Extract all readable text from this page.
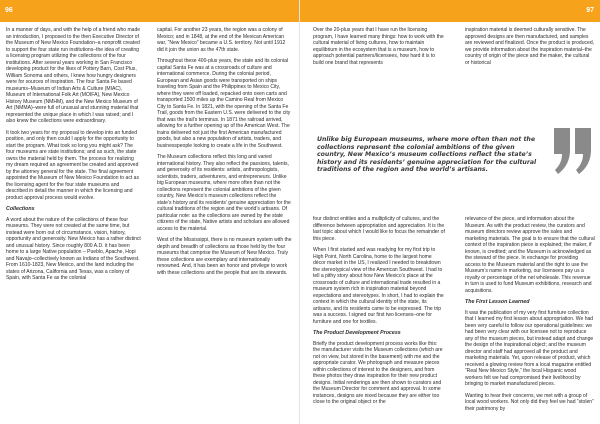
96

In a manner of days, and with the help of a friend who made an introduction, I proposed to the then Executive Director of the Museum of New Mexico Foundation–a nonprofit created to support the four state run institutions–the idea of creating a licensing program utilizing the collections of the four institutions. After several years working in San Francisco developing product for the likes of Pottery Barn, Cost Plus, William Sonoma and others, I knew how hungry designers were for sources of inspiration. The four Santa Fe based museums–Museum of Indian Arts & Culture (MIAC), Museum of International Folk Art (MOIFA), New Mexico History Museum (NMHM), and the New Mexico Museum of Art (NMMA)–were full of unusual and stunning material that represented the unique place in which I was raised; and I also knew the collections were extraordinary.

It took two years for my proposal to develop into an funded position, and only then could I apply for the opportunity to start the program. What took so long you might ask? The four museums are state institutions; and as such, the state owns the material held by them. The process for realizing my dream required an agreement be created and approved by the attorney general for the state. The final agreement appointed the Museum of New Mexico Foundation to act as the licensing agent for the four state museums and described in detail the manner in which the licensing and product approval process would evolve.

Collections

A word about the nature of the collections of these four museums. They were not created at the same time, but instead were born out of circumstance, vision, history, opportunity and generosity. New Mexico has a rather distinct and unusual history. Since roughly 800 A.D. it has been home to a large Native population – Pueblo, Apache, Hopi and Navajo–collectively known as Indians of the Southwest. From 1610-1823, New Mexico, and the land including the states of Arizona, California and Texas, was a colony of Spain, with Santa Fe as the colonial

capital. For another 23 years, the region was a colony of Mexico; and in 1848, at the end of the Mexican American war, “New Mexico” became a U.S. territory. Not until 1912 did it join the union as the 47th state.

Throughout these 400-plus years, the state and its colonial capital Santa Fe was at a crossroads of culture and international commerce. During the colonial period, European and Asian goods were transported on ships traveling from Spain and the Philippines to Mexico City, where they were off loaded, repacked onto oxen carts and transported 1500 miles up the Camino Real from Mexico City to Santa Fe. In 1821, with the opening of the Santa Fe Trail, goods from the Eastern U.S. were delivered to the city that was the trail’s terminus. In 1871 the railroad arrived, allowing for a further opening up of the American West. The trains delivered not just the first American manufactured goods, but also a new population of artists, traders, and businesspeople looking to create a life in the Southwest.

The Museum collections reflect this long and varied international history. They also reflect the passions, talents, and generosity of its residents: artists, anthropologists, scientists, traders, adventurers, and entrepreneurs. Unlike big European museums, where more often than not the collections represent the colonial ambitions of the given country, New Mexico’s museum collections reflect the state’s history and its residents’ genuine appreciation for the cultural traditions of the region and the world’s artisans. Of particular note: as the collections are owned by the state citizens of the state, Native artists and scholars are allowed access to the material.

West of the Mississippi, there is no museum system with the depth and breadth of collections as those held by the four museums that comprise the Museum of New Mexico. Truly these collections are exemplary and internationally renowned. And, it has been an honor and privilege to work with these collections and the people that are its stewards.

97

Over the 20-plus years that I have run the licensing program, I have learned many things: how to work with the cultural material of living cultures, how to maintain equilibrium in the ecosystem that is a museum, how to approach potential partners/licensees, how hard it is to build one brand that represents

inspiration material is deemed culturally sensitive. The approved designs are then manufactured, and samples are reviewed and finalized. Once the product is produced, we provide information about the inspiration material–the country of origin of the piece and the maker, the cultural or historical

Unlike big European museums, where more often than not the collections represent the colonial ambitions of the given country, New Mexico’s museum collections reflect the state’s history and its residents’ genuine appreciation for the cultural traditions of the region and the world’s artisans.

four distinct entities and a multiplicity of cultures, and the difference between appropriation and appreciation. It is the last topic about which I would like to focus the remainder of this piece.

When I first started and was readying for my first trip to High Point, North Carolina, home to the largest home décor market in the US, I realized I needed to breakdown the stereotypical view of the American Southwest. I had to tell a pithy story about how New Mexico’s place at the crossroads of culture and international trade resulted in a museum system rich in inspiration material beyond expectations and stereotypes. In short, I had to explain the context in which the cultural identity of the state, its artisans, and its residents came to be expressed. The trip was a success. I signed our first two licenses–one for furniture and one for textiles.

The Product Development Process

Briefly the product development process works like this: the manufacturer visits the Museum collections (which are not on view, but stored in the basement) with me and the appropriate curator. We photograph and measure pieces within collections of interest to the designers, and from these photos they draw inspiration for their new product designs. Initial renderings are then shown to curators and the Museum Director for comment and approval. In some instances, designs are nixed because they are either too close to the original object or the

relevance of the piece, and information about the Museum. As with the product review, the curators and museum directors review approve the sales and marketing materials. The goal is to ensure that the cultural context of the inspiration piece is explained; the maker, if known, is credited; and the Museum is acknowledged as the steward of the piece. In exchange for providing access to the Museum material and the right to use the Museum’s name in marketing, our licensees pay us a royalty or percentage of the net wholesale. This revenue in turn is used to fund Museum exhibitions, research and acquisitions.

The First Lesson Learned

It was the publication of my very first furniture collection that I learned my first lesson about appropriation. We had been very careful to follow our operational guidelines: we had been very clear with our licensee not to reproduce any of the museum pieces, but instead adapt and change the design of the inspirational object; and the museum director and staff had approved all the product and marketing materials. Yet, upon release of product, which received a glowing review from a local magazine entitled “Real New Mexico Style,” the local Hispanic wood workers felt we had compromised their livelihood by bringing to market manufactured pieces.

Wanting to hear their concerns, we met with a group of local wood workers. Not only did they feel we had “stolen” their patrimony by
